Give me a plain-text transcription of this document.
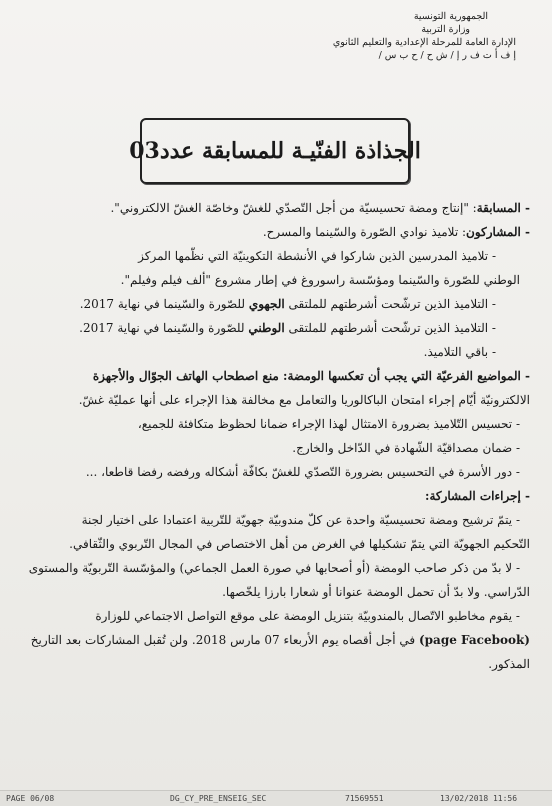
الجمهورية التونسية
وزارة التربية
الإدارة العامة للمرحلة الإعدادية والتعليم الثانوي
إ ف أ ت ف ر إ / ش ح / ح ب س /
الجذاذة الفنّيـة للمسابقة عدد03

- المسابقة: "إنتاج ومضة تحسيسيّة من أجل التّصدّي للغشّ وخاصّة الغشّ الالكتروني".

- المشاركون: تلاميذ نوادي الصّورة والسّينما والمسرح.

- تلاميذ المدرسين الذين شاركوا في الأنشطة التكوينيّة التي نظّمها المركز

الوطني للصّورة والسّينما ومؤسّسة راسوروغ في إطار مشروع "ألف فيلم وفيلم".

- التلاميذ الذين ترشّحت أشرطتهم للملتقى الجهوي للصّورة والسّينما في نهاية 2017.

- التلاميذ الذين ترشّحت أشرطتهم للملتقى الوطني للصّورة والسّينما في نهاية 2017.

- باقي التلاميذ.

- المواضيع الفرعيّة التي يجب أن تعكسها الومضة: منع اصطحاب الهاتف الجوّال والأجهزة

الالكترونيّة أيّام إجراء امتحان الباكالوريا والتعامل مع مخالفة هذا الإجراء على أنها عمليّة غشّ.

- تحسيس التّلاميذ بضرورة الامتثال لهذا الإجراء ضمانا لحظوظ متكافئة للجميع،

- ضمان مصداقيّة الشّهادة في الدّاخل والخارج.

- دور الأسرة في التحسيس بضرورة التّصدّي للغشّ بكافّة أشكاله ورفضه رفضا قاطعا، ...

- إجراءات المشاركة:

- يتمّ ترشيح ومضة تحسيسيّة واحدة عن كلّ مندوبيّة جهويّة للتّربية اعتمادا على اختيار لجنة

التّحكيم الجهويّة التي يتمّ تشكيلها في الغرض من أهل الاختصاص في المجال التّربوي والثّقافي.

- لا بدّ من ذكر صاحب الومضة (أو أصحابها في صورة العمل الجماعي) والمؤسّسة التّربويّة والمستوى

الدّراسي. ولا بدّ أن تحمل الومضة عنوانا أو شعارا بارزا يلخّصها.

- يقوم مخاطبو الاتّصال بالمندوبيّة بتنزيل الومضة على موقع التواصل الاجتماعي للوزارة

(page Facebook) في أجل أقصاه يوم الأربعاء 07 مارس 2018. ولن تُقبل المشاركات بعد التاريخ

المذكور.

PAGE 06/08	DG_CY_PRE_ENSEIG_SEC	71569551	13/02/2018 11:56
